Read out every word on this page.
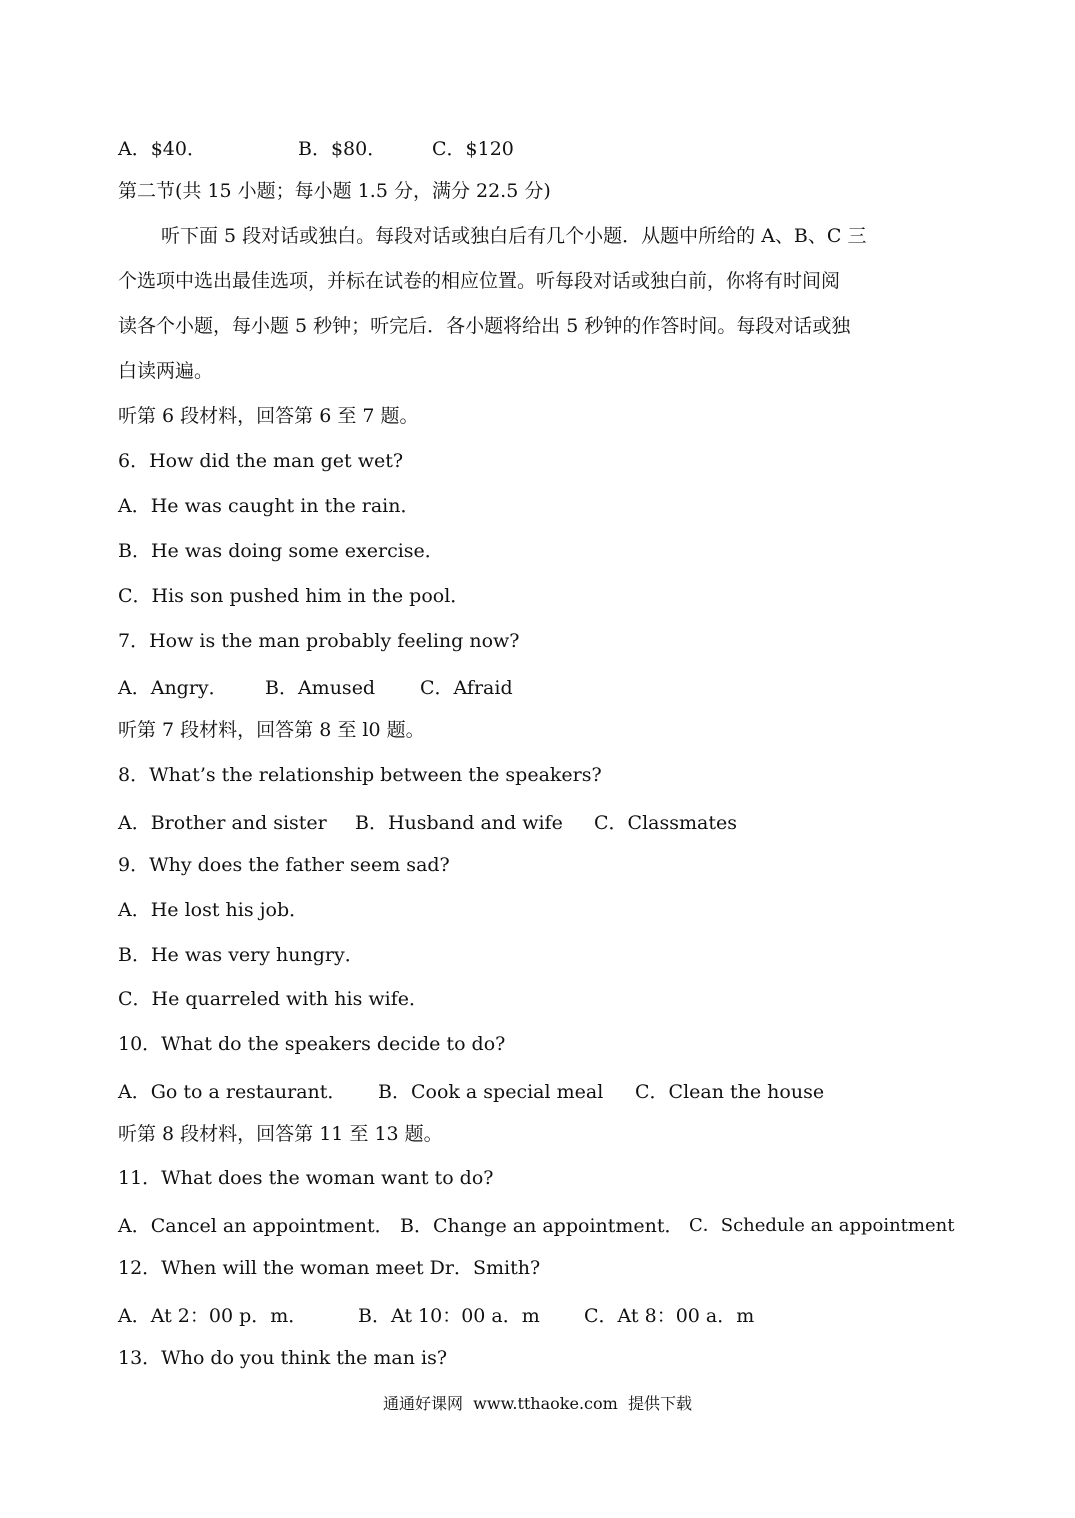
A．$40．	B．$80． C．$120
第二节(共 15 小题；每小题 1.5 分，满分 22.5 分)
听下面 5 段对话或独白。每段对话或独白后有几个小题．从题中所给的 A、B、C 三
个选项中选出最佳选项，并标在试卷的相应位置。听每段对话或独白前，你将有时间阅
读各个小题，每小题 5 秒钟；听完后．各小题将给出 5 秒钟的作答时间。每段对话或独
白读两遍。
听第 6 段材料，回答第 6 至 7 题。
6．How did the man get wet?
A．He was caught in the rain．
B．He was doing some exercise．
C．His son pushed him in the pool．
7．How is the man probably feeling now?
A．Angry． B．Amused C．Afraid
听第 7 段材料，回答第 8 至 l0 题。
8．What’s the relationship between the speakers?
A．Brother and sister B．Husband and wife C．Classmates
9．Why does the father seem sad?
A．He lost his job．
B．He was very hungry．
C．He quarreled with his wife．
10．What do the speakers decide to do?
A．Go to a restaurant． B．Cook a special meal C．Clean the house
听第 8 段材料，回答第 11 至 13 题。
11．What does the woman want to do?
A．Cancel an appointment． B．Change an appointment． C．Schedule an appointment
12．When will the woman meet Dr．Smith?
A．At 2：00 p．m．	B．At 10：00 a．m C．At 8：00 a．m
13．Who do you think the man is?
通通好课网  www.tthaoke.com  提供下载
